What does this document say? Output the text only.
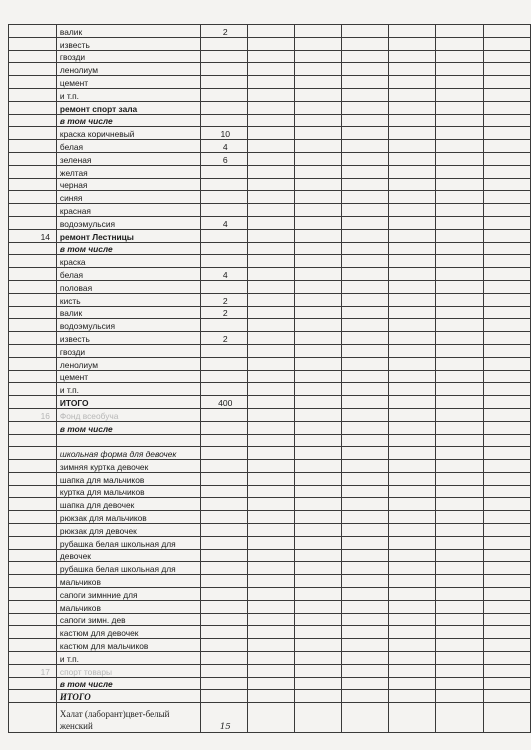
	валик	2						
	известь							
	гвозди							
	ленолиум							
	цемент							
	и т.п.							
	ремонт спорт зала							
	в том числе							
	краска коричневый	10						
	белая	4						
	зеленая	6						
	желтая							
	черная							
	синяя							
	красная							
	водоэмульсия	4						
14	ремонт Лестницы							
	в том числе							
	краска							
	белая	4						
	половая							
	кисть	2						
	валик	2						
	водоэмульсия							
	известь	2						
	гвозди							
	ленолиум							
	цемент							
	и т.п.							
	ИТОГО	400						
16	Фонд всеобуча							
	в том числе							

	школьная форма для девочек							
	зимняя куртка девочек							
	шапка для мальчиков							
	куртка для мальчиков							
	шапка для девочек							
	рюкзак для мальчиков							
	рюкзак для девочек							
	рубашка белая школьная для							
	девочек							
	рубашка белая школьная для							
	мальчиков							
	сапоги зимнние для							
	мальчиков							
	сапоги зимн. дев							
	кастюм для девочек							
	кастюм для мальчиков							
	и т.п.							
17	спорт товары							
	в том числе							
	ИТОГО							
	Халат (лаборант)цвет-белый женский	15						
